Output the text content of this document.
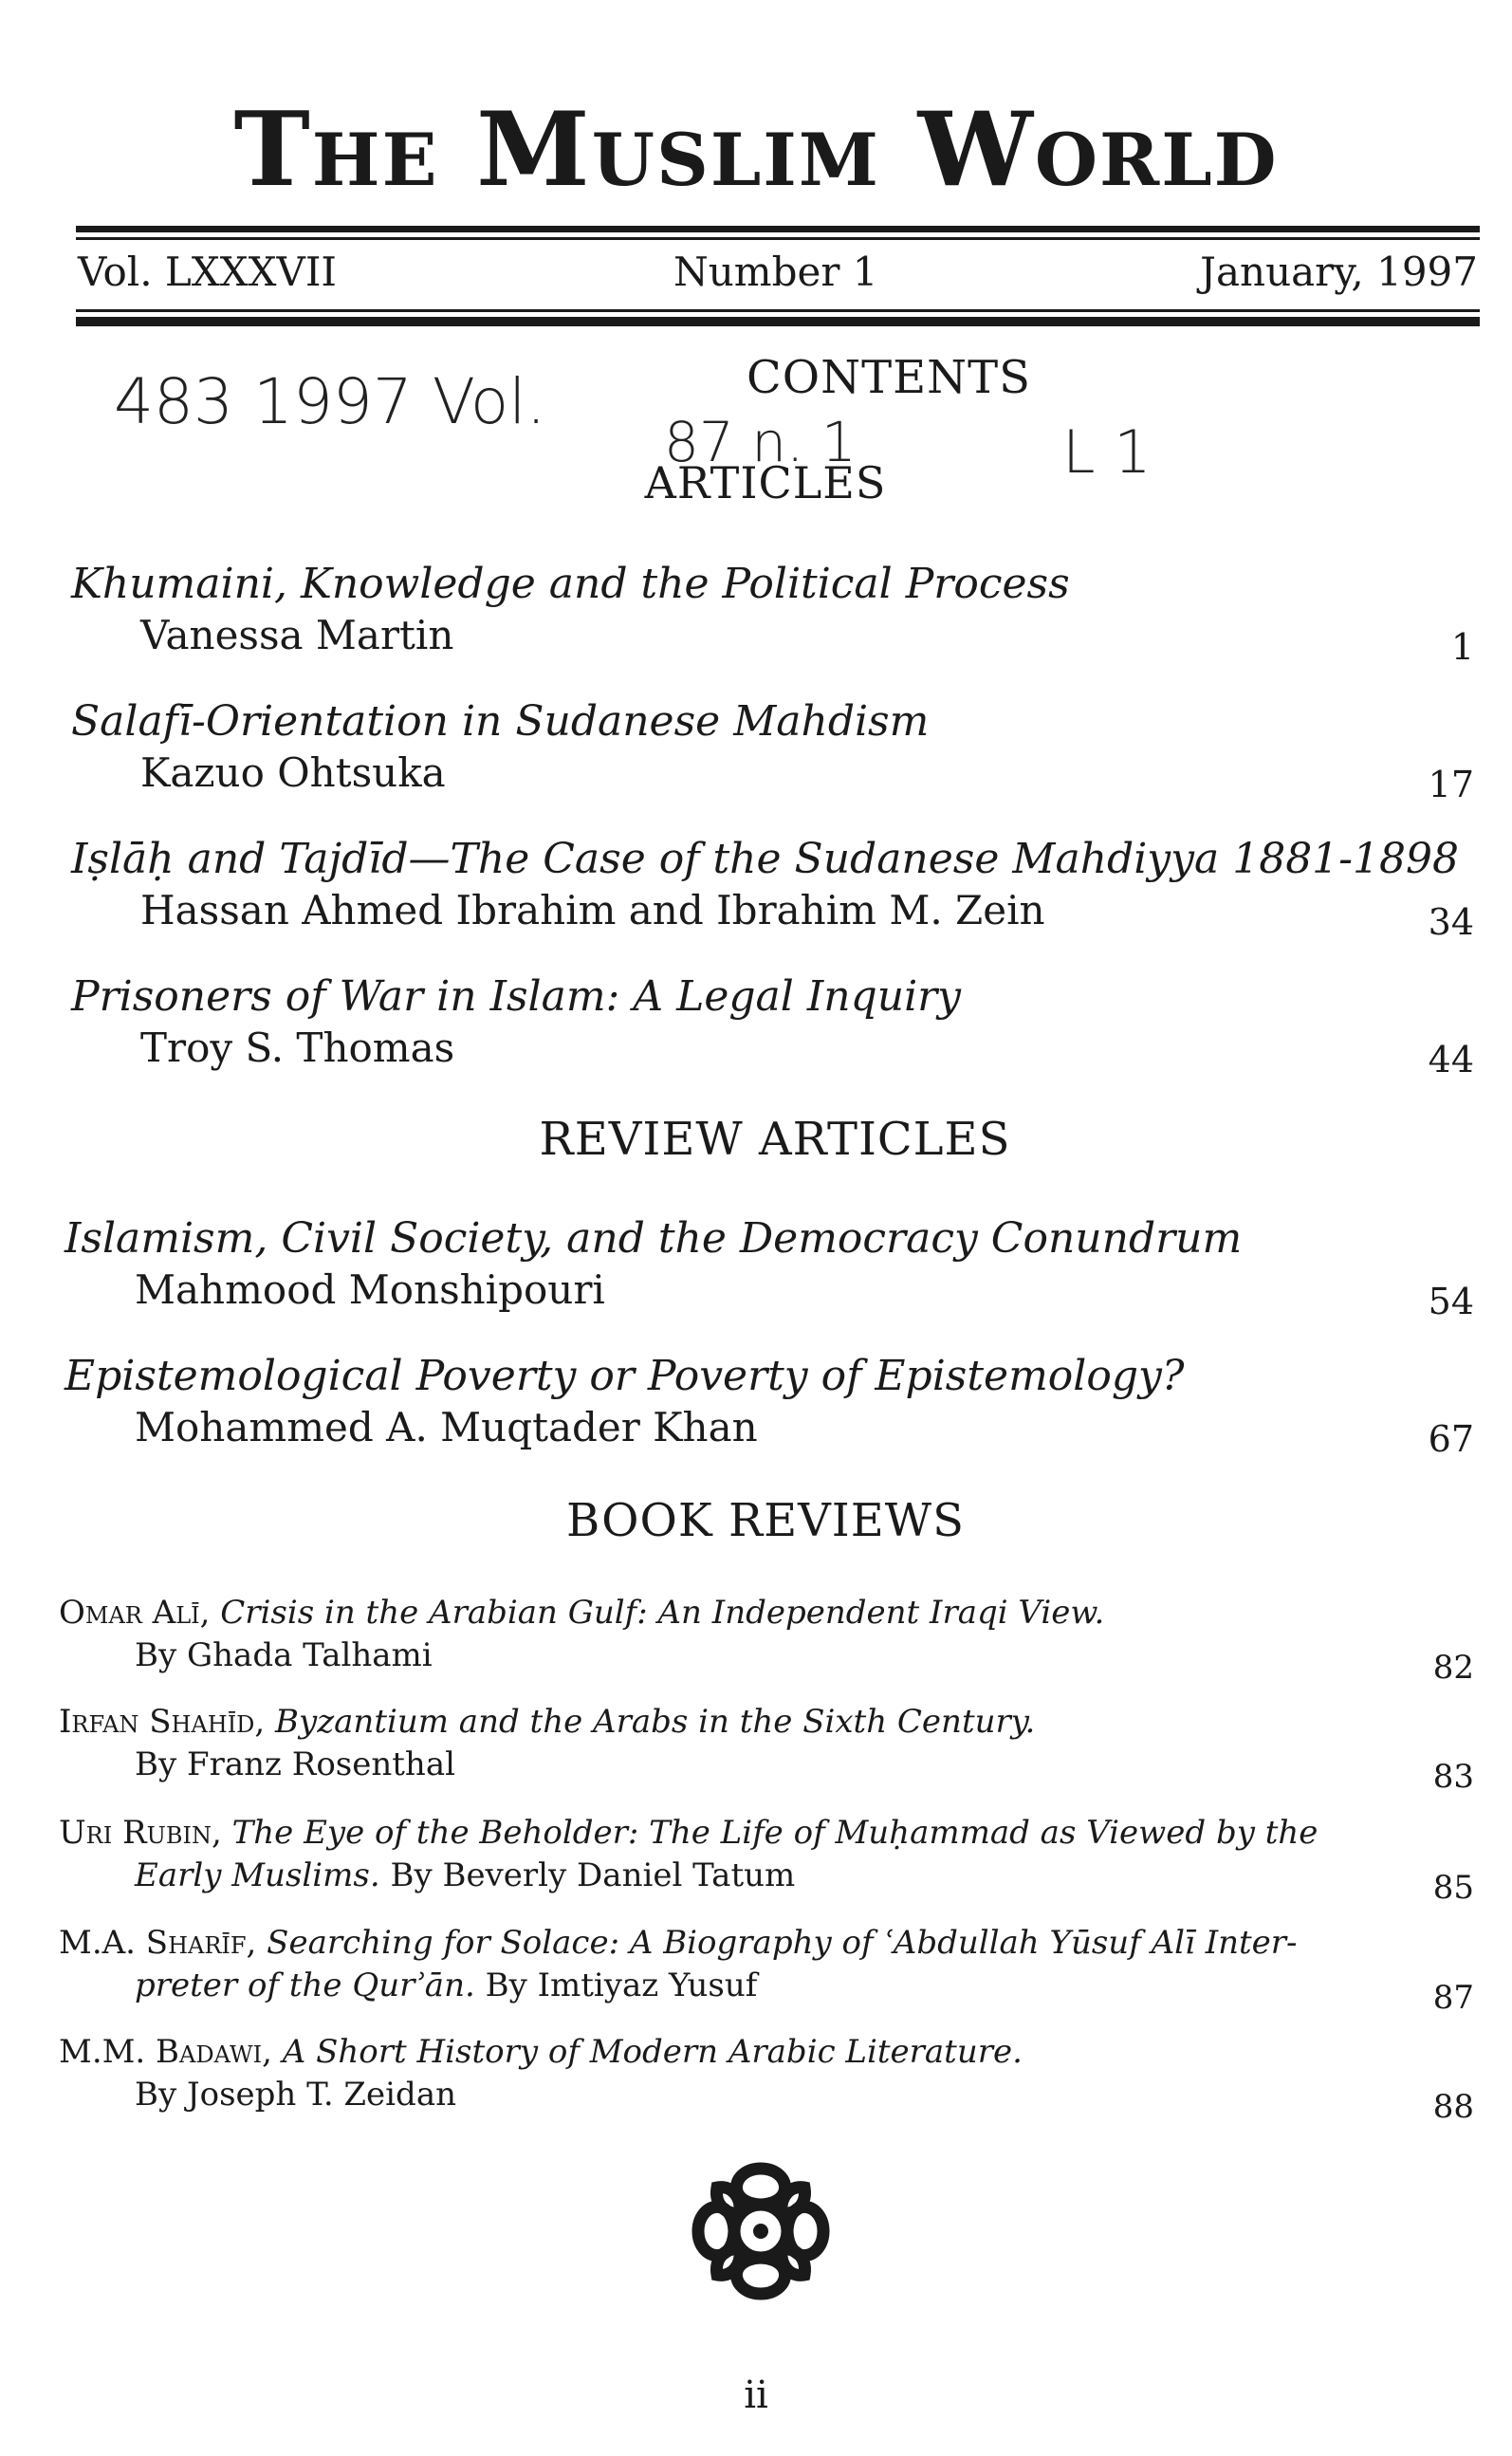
The Muslim World
Vol. LXXXVII	Number 1	January, 1997
483 1997 Vol.
87 n. 1	L 1
CONTENTS
ARTICLES
Khumaini, Knowledge and the Political Process
Vanessa Martin	1
Salafī-Orientation in Sudanese Mahdism
Kazuo Ohtsuka	17
Iṣlāḥ and Tajdīd—The Case of the Sudanese Mahdiyya 1881-1898
Hassan Ahmed Ibrahim and Ibrahim M. Zein	34
Prisoners of War in Islam: A Legal Inquiry
Troy S. Thomas	44
REVIEW ARTICLES
Islamism, Civil Society, and the Democracy Conundrum
Mahmood Monshipouri	54
Epistemological Poverty or Poverty of Epistemology?
Mohammed A. Muqtader Khan	67
BOOK REVIEWS
Omar Alī, Crisis in the Arabian Gulf: An Independent Iraqi View.
By Ghada Talhami	82
Irfan Shahīd, Byzantium and the Arabs in the Sixth Century.
By Franz Rosenthal	83
Uri Rubin, The Eye of the Beholder: The Life of Muḥammad as Viewed by the
Early Muslims. By Beverly Daniel Tatum	85
M.A. Sharīf, Searching for Solace: A Biography of ʿAbdullah Yūsuf Alī Inter-
preter of the Qurʾān. By Imtiyaz Yusuf	87
M.M. Badawi, A Short History of Modern Arabic Literature.
By Joseph T. Zeidan	88
ii
